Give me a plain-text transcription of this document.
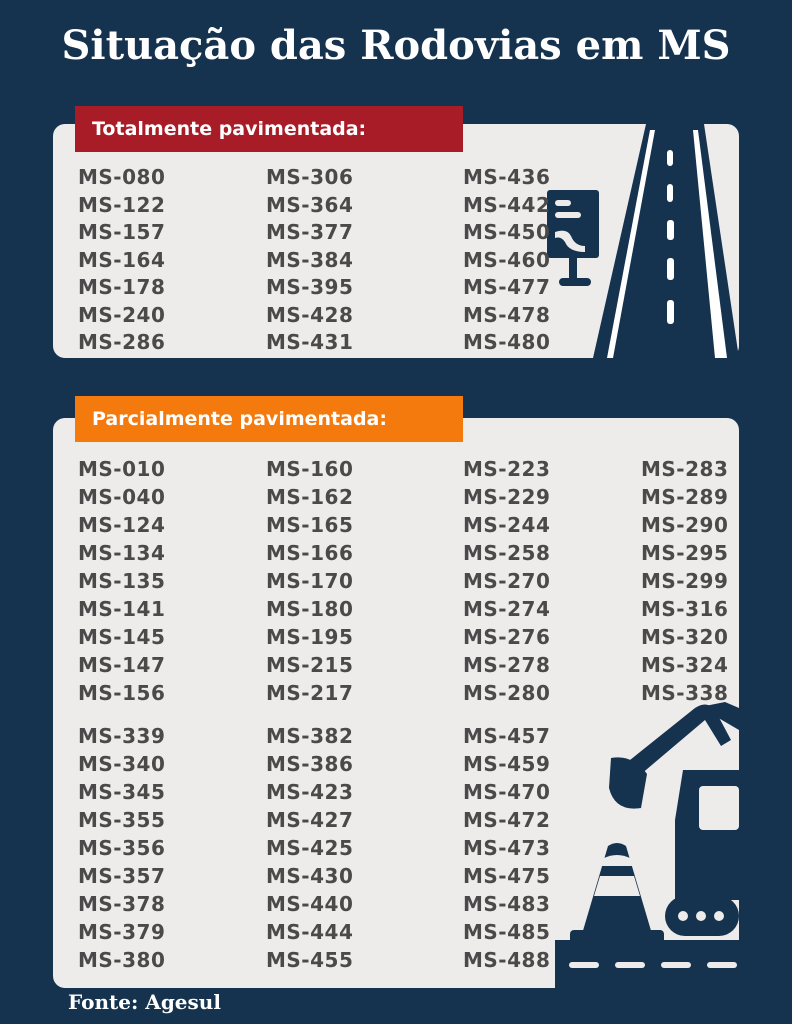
Situação das Rodovias em MS
Totalmente pavimentada:
MS-080
MS-122
MS-157
MS-164
MS-178
MS-240
MS-286
MS-306
MS-364
MS-377
MS-384
MS-395
MS-428
MS-431
MS-436
MS-442
MS-450
MS-460
MS-477
MS-478
MS-480
Parcialmente pavimentada:
MS-010
MS-040
MS-124
MS-134
MS-135
MS-141
MS-145
MS-147
MS-156
MS-160
MS-162
MS-165
MS-166
MS-170
MS-180
MS-195
MS-215
MS-217
MS-223
MS-229
MS-244
MS-258
MS-270
MS-274
MS-276
MS-278
MS-280
MS-283
MS-289
MS-290
MS-295
MS-299
MS-316
MS-320
MS-324
MS-338
MS-339
MS-340
MS-345
MS-355
MS-356
MS-357
MS-378
MS-379
MS-380
MS-382
MS-386
MS-423
MS-427
MS-425
MS-430
MS-440
MS-444
MS-455
MS-457
MS-459
MS-470
MS-472
MS-473
MS-475
MS-483
MS-485
MS-488
Fonte: Agesul
